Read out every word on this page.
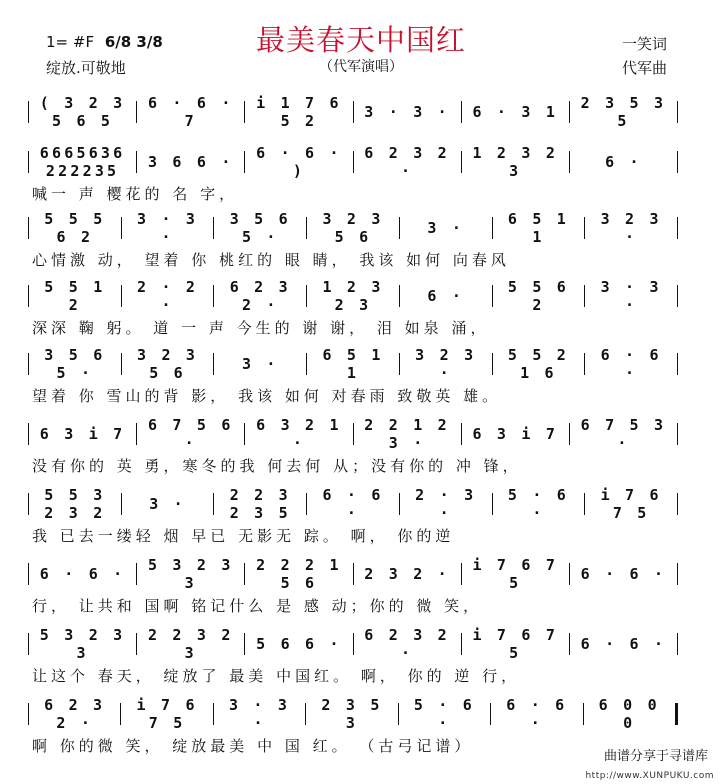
最美春天中国红
1= #F 6/8 3/8
绽放.可敬地	（代军演唱）
一笑词
代军曲
( 3 2 3 5 6 5
6 · 6 · 7
i 1 7 6 5 2	3 · 3 ·	6 · 3 1	2 3 5 3 5
6665636 222235	3 6 6 ·	6 · 6 · )
6 2 3 2 ·
1 2 3 2 3	6 ·
喊一 声 樱花的 名 字，
5 5 5 6 2
3 · 3 ·
3 5 6 5 ·
3 2 3 5 6	3 ·	6 5 1 1
3 2 3 ·
心情激 动， 望着 你 桃红的 眼 睛， 我该 如何 向春风
5 5 1 2
2 · 2 ·
6 2 3 2 ·
1 2 3 2 3	6 ·	5 5 6 2
3 · 3 ·
深深 鞠 躬。 道 一 声 今生的 谢 谢， 泪 如泉 涌，
3 5 6 5 ·
3 2 3 5 6	3 ·	6 5 1 1
3 2 3 ·
5 5 2 1 6
6 · 6 ·
望着 你 雪山的背 影， 我该 如何 对春雨 致敬英 雄。
6 3 i 7	6 7 5 6 ·
6 3 2 1 ·
2 2 1 2 3 ·	6 3 i 7	6 7 5 3 ·
没有你的 英 勇，寒冬的我 何去何 从；没有你的 冲 锋，
5 5 3 2 3 2	3 ·	2 2 3 2 3 5
6 · 6 ·
2 · 3 ·
5 · 6 ·
i 7 6 7 5
我 已去一缕轻 烟 早已 无影无 踪。 啊， 你的逆
6 · 6 ·	5 3 2 3 3
2 2 2 1 5 6	2 3 2 ·	i 7 6 7 5	6 · 6 ·
行， 让共和 国啊 铭记什么 是 感 动；你的 微 笑，
5 3 2 3 3
2 2 3 2 3	5 6 6 ·	6 2 3 2 ·
i 7 6 7 5	6 · 6 ·
让这个 春天， 绽放了 最美 中国红。 啊， 你的 逆 行，
6 2 3 2 ·
i 7 6 7 5
3 · 3 ·
2 3 5 3
5 · 6 ·
6 · 6 ·
6 0 0 0
啊 你的微 笑， 绽放最美 中 国 红。 （古弓记谱）
曲谱分享于寻谱库
http://www.XUNPUKU.com
